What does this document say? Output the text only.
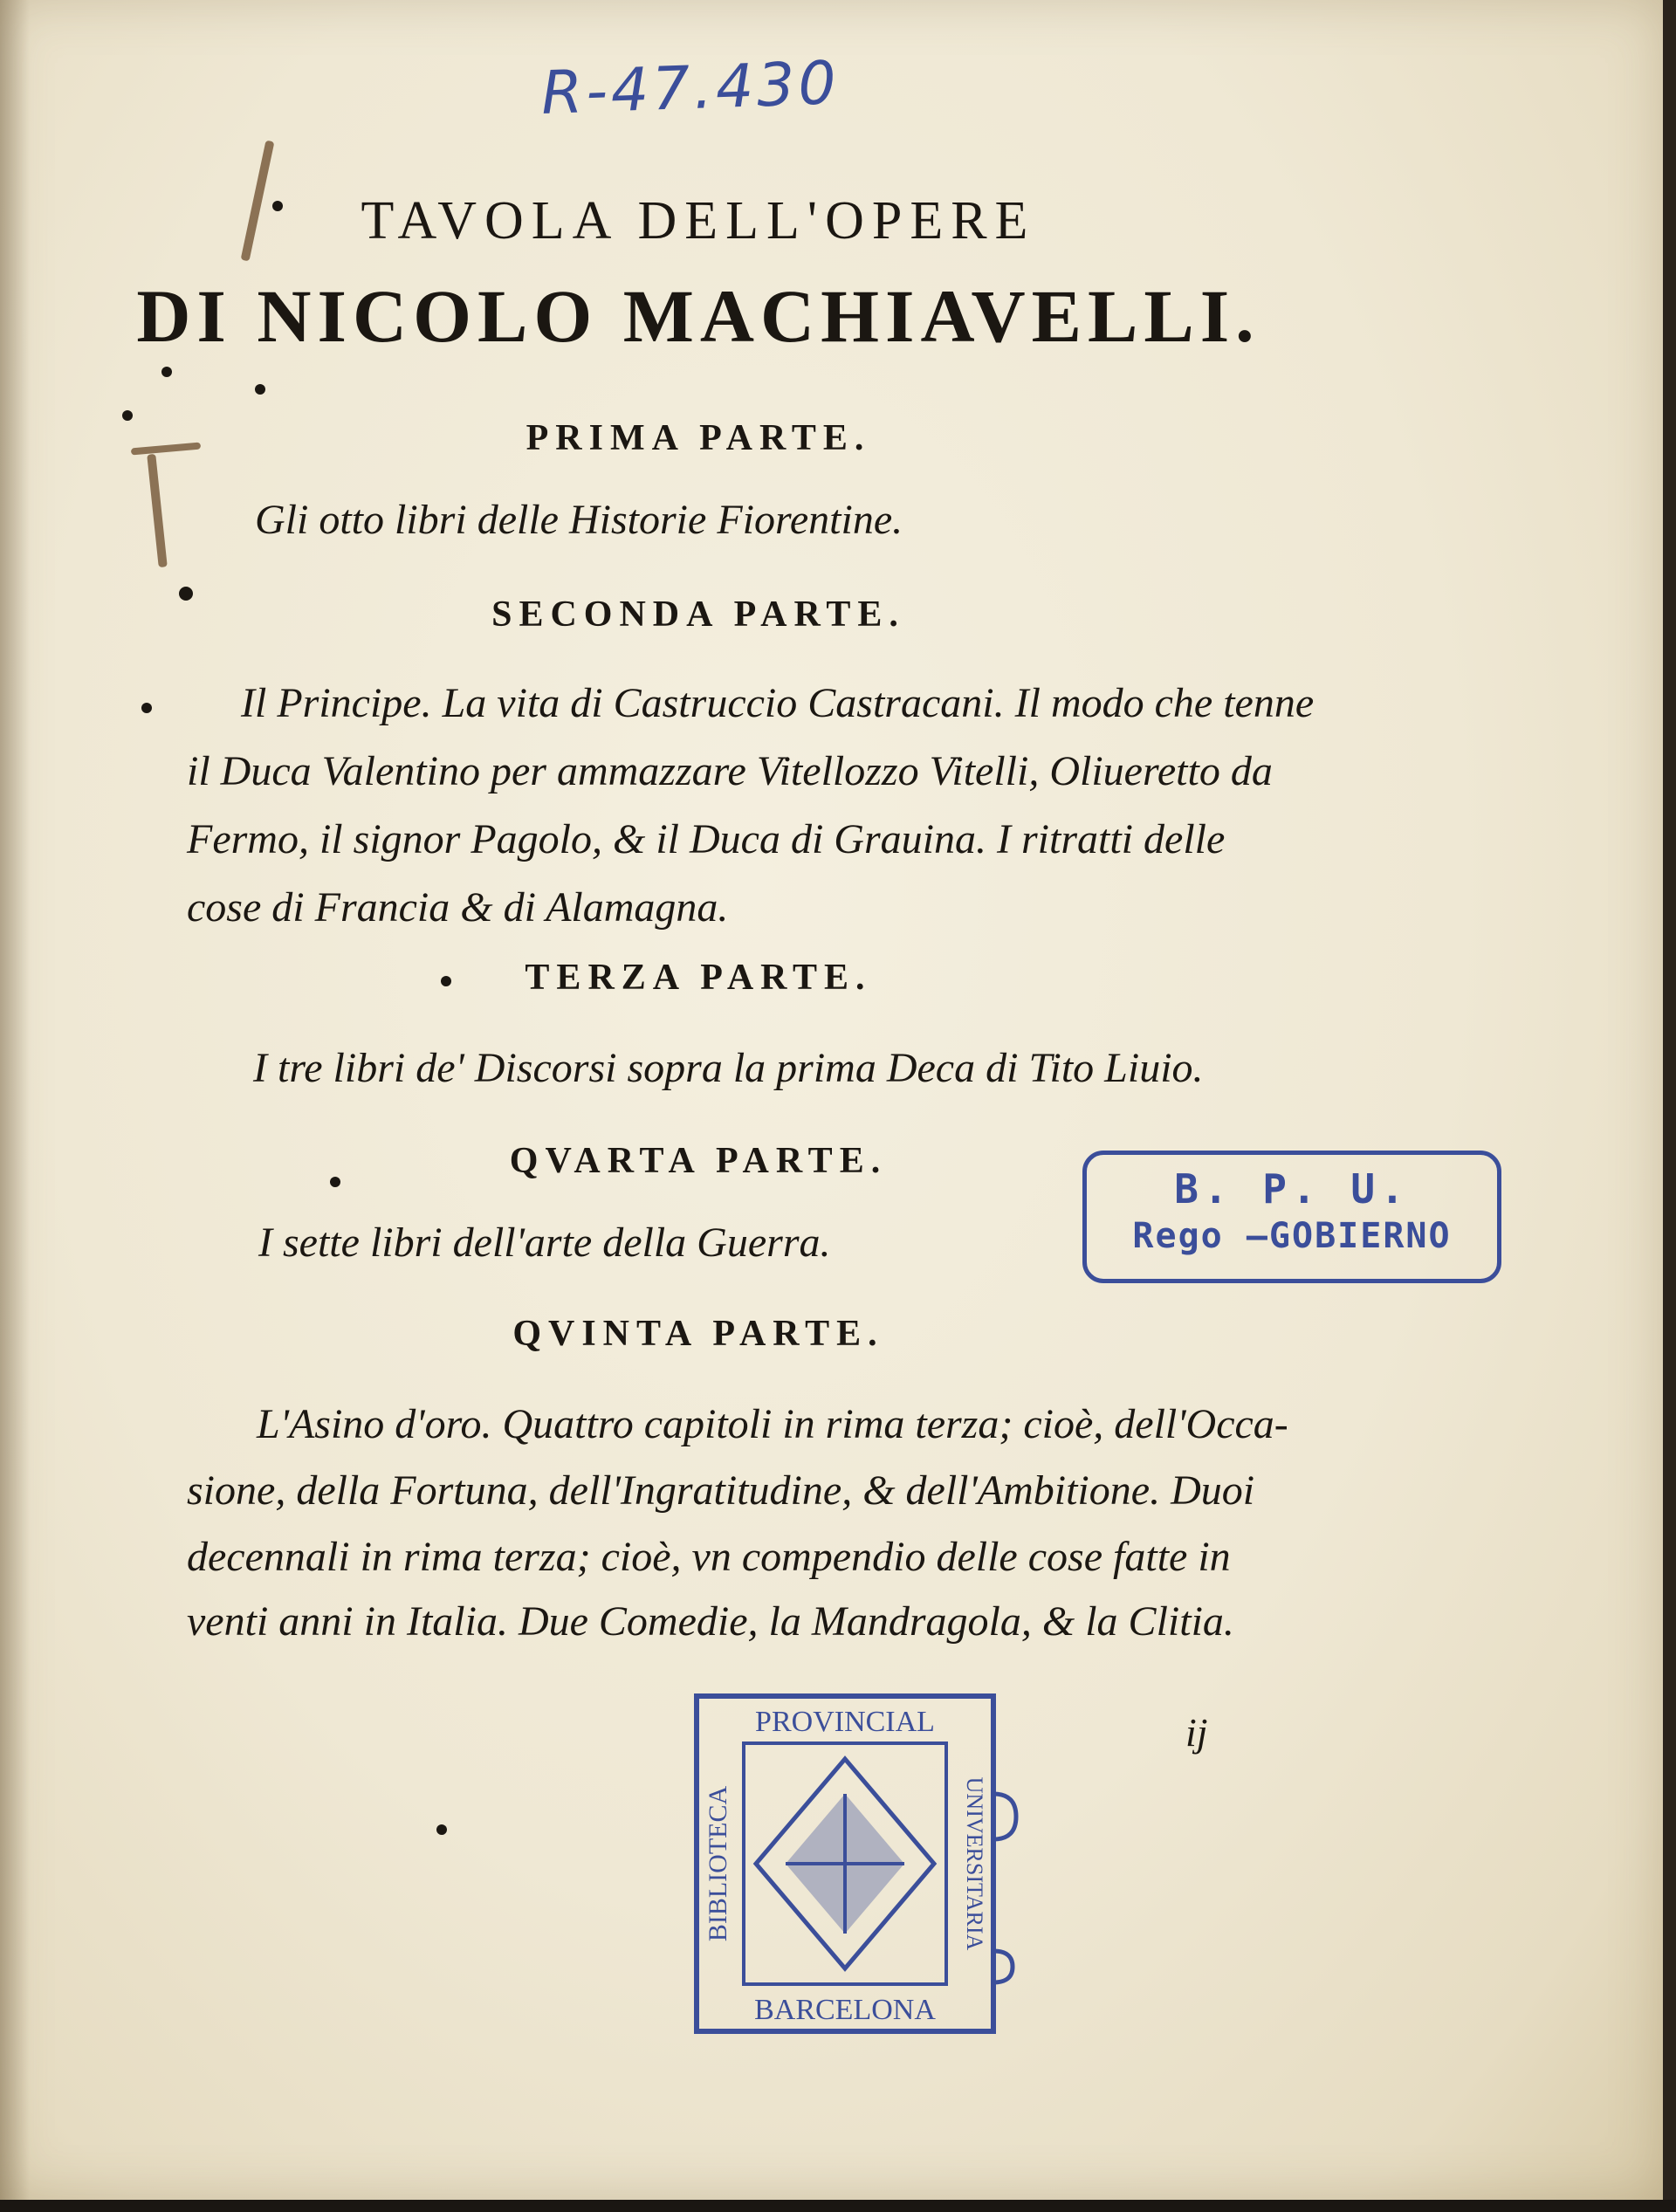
R-47.430
TAVOLA DELL'OPERE
DI NICOLO MACHIAVELLI.
PRIMA PARTE.
Gli otto libri delle Historie Fiorentine.
SECONDA PARTE.
Il Principe. La vita di Castruccio Castracani. Il modo che tenne
il Duca Valentino per ammazzare Vitellozzo Vitelli, Oliueretto da
Fermo, il signor Pagolo, & il Duca di Grauina. I ritratti delle
cose di Francia & di Alamagna.
TERZA PARTE.
I tre libri de' Discorsi sopra la prima Deca di Tito Liuio.
QVARTA PARTE.
I sette libri dell'arte della Guerra.
QVINTA PARTE.
L'Asino d'oro. Quattro capitoli in rima terza; cioè, dell'Occa-
sione, della Fortuna, dell'Ingratitudine, & dell'Ambitione. Duoi
decennali in rima terza; cioè, vn compendio delle cose fatte in
venti anni in Italia. Due Comedie, la Mandragola, & la Clitia.
B. P. U.
Rego —GOBIERNO
PROVINCIAL
BARCELONA
BIBLIOTECA	UNIVERSITARIA
ij
